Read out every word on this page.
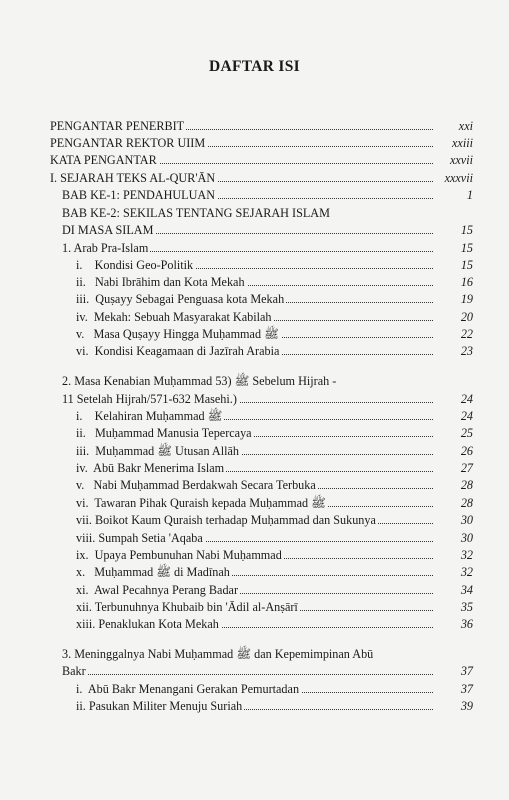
DAFTAR ISI
PENGANTAR PENERBIT	xxi
PENGANTAR REKTOR UIIM	xxiii
KATA PENGANTAR	xxvii
I. SEJARAH TEKS AL-QUR'ĀN	xxxvii
BAB KE-1: PENDAHULUAN	1
BAB KE-2: SEKILAS TENTANG SEJARAH ISLAM
DI MASA SILAM	15
1. Arab Pra-Islam	15
i.    Kondisi Geo-Politik	15
ii.   Nabi Ibrāhim dan Kota Mekah	16
iii.  Quṣayy Sebagai Penguasa kota Mekah	19
iv.  Mekah: Sebuah Masyarakat Kabilah	20
v.   Masa Quṣayy Hingga Muḥammad ﷺ	22
vi.  Kondisi Keagamaan di Jazīrah Arabia	23
2. Masa Kenabian Muḥammad ﷺ (53 Sebelum Hijrah -
11 Setelah Hijrah/571-632 Masehi.)	24
i.    Kelahiran Muḥammad ﷺ	24
ii.   Muḥammad Manusia Tepercaya	25
iii.  Muḥammad ﷺ Utusan Allāh	26
iv.  Abū Bakr Menerima Islam	27
v.   Nabi Muḥammad Berdakwah Secara Terbuka	28
vi.  Tawaran Pihak Quraish kepada Muḥammad ﷺ	28
vii. Boikot Kaum Quraish terhadap Muḥammad dan Sukunya	30
viii. Sumpah Setia 'Aqaba	30
ix.  Upaya Pembunuhan Nabi Muḥammad	32
x.   Muḥammad ﷺ di Madīnah	32
xi.  Awal Pecahnya Perang Badar	34
xii. Terbunuhnya Khubaib bin 'Ādil al-Anṣārī	35
xiii. Penaklukan Kota Mekah	36
3. Meninggalnya Nabi Muḥammad ﷺ dan Kepemimpinan Abū
Bakr	37
i.  Abū Bakr Menangani Gerakan Pemurtadan	37
ii. Pasukan Militer Menuju Suriah	39
